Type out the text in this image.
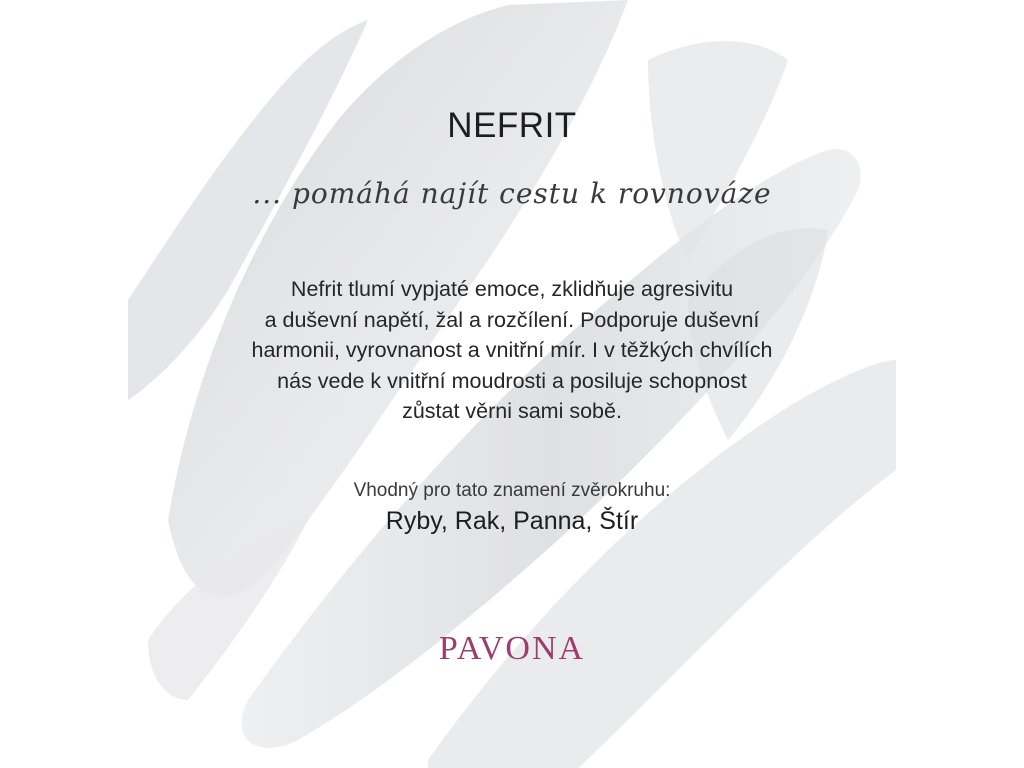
NEFRIT
... pomáhá najít cestu k rovnováze
Nefrit tlumí vypjaté emoce, zklidňuje agresivitu
a duševní napětí, žal a rozčílení. Podporuje duševní
harmonii, vyrovnanost a vnitřní mír. I v těžkých chvílích
nás vede k vnitřní moudrosti a posiluje schopnost
zůstat věrni sami sobě.
Vhodný pro tato znamení zvěrokruhu:
Ryby, Rak, Panna, Štír
PAVONA
